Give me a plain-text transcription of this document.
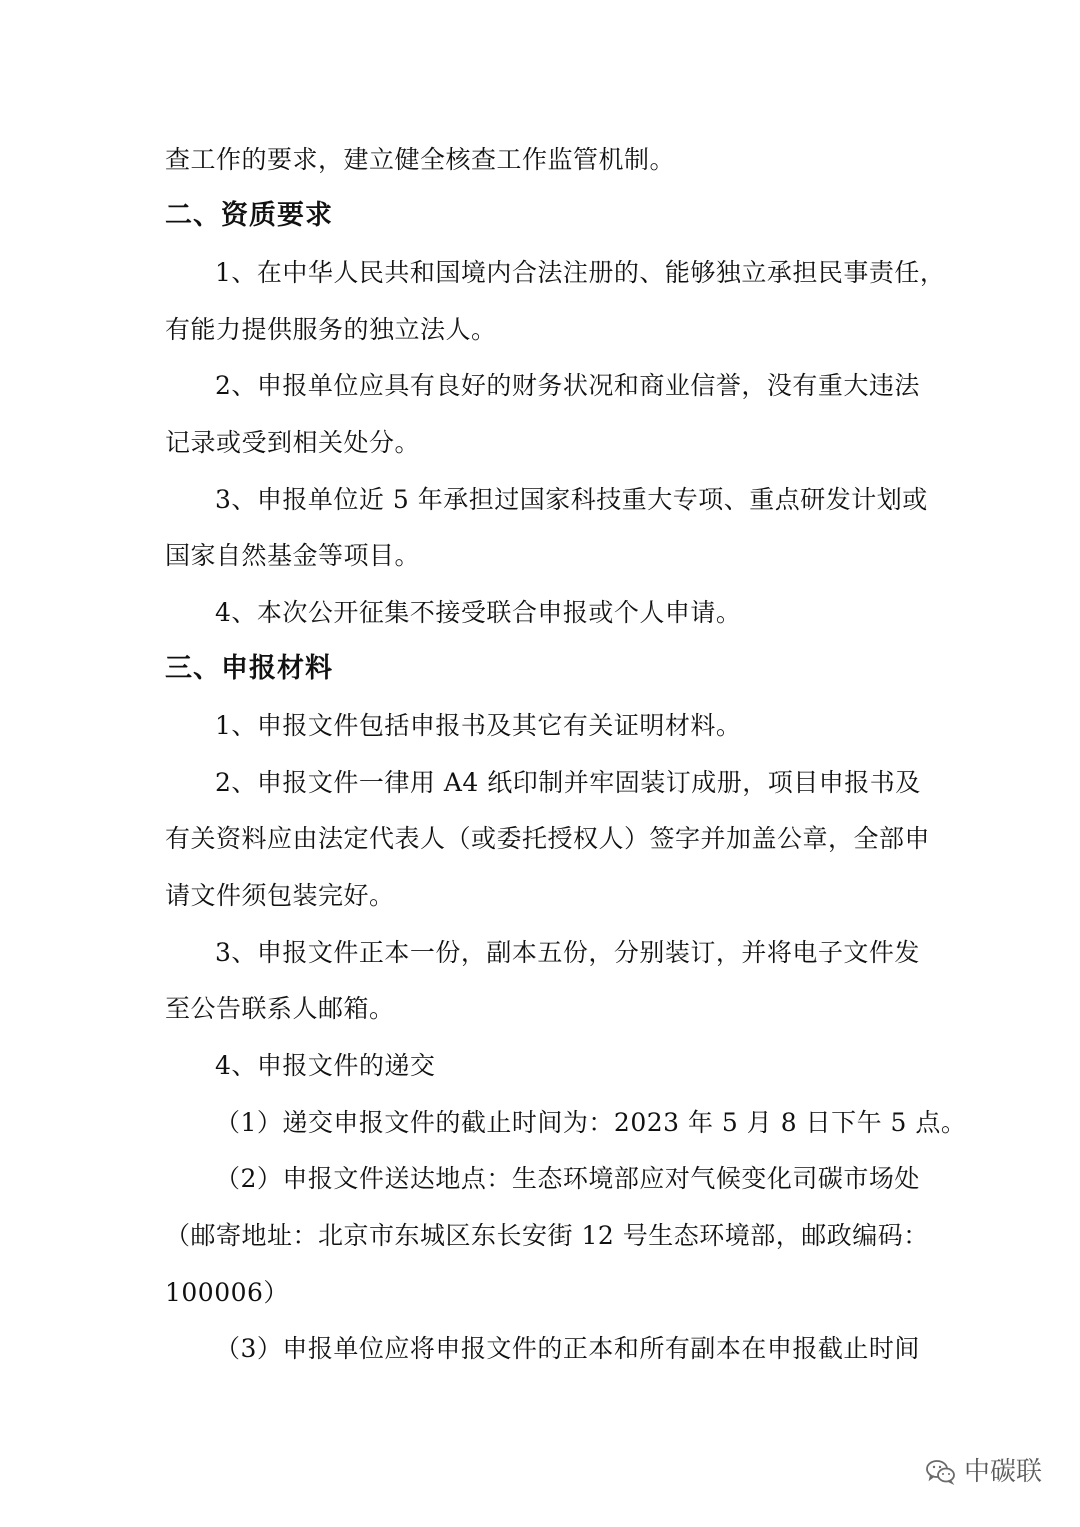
查工作的要求，建立健全核查工作监管机制。
二、资质要求
1、在中华人民共和国境内合法注册的、能够独立承担民事责任，
有能力提供服务的独立法人。
2、申报单位应具有良好的财务状况和商业信誉，没有重大违法
记录或受到相关处分。
3、申报单位近 5 年承担过国家科技重大专项、重点研发计划或
国家自然基金等项目。
4、本次公开征集不接受联合申报或个人申请。
三、申报材料
1、申报文件包括申报书及其它有关证明材料。
2、申报文件一律用 A4 纸印制并牢固装订成册，项目申报书及
有关资料应由法定代表人（或委托授权人）签字并加盖公章，全部申
请文件须包装完好。
3、申报文件正本一份，副本五份，分别装订，并将电子文件发
至公告联系人邮箱。
4、申报文件的递交
（1）递交申报文件的截止时间为：2023 年 5 月 8 日下午 5 点。
（2）申报文件送达地点：生态环境部应对气候变化司碳市场处
（邮寄地址：北京市东城区东长安街 12 号生态环境部，邮政编码：
100006）
（3）申报单位应将申报文件的正本和所有副本在申报截止时间
中碳联
